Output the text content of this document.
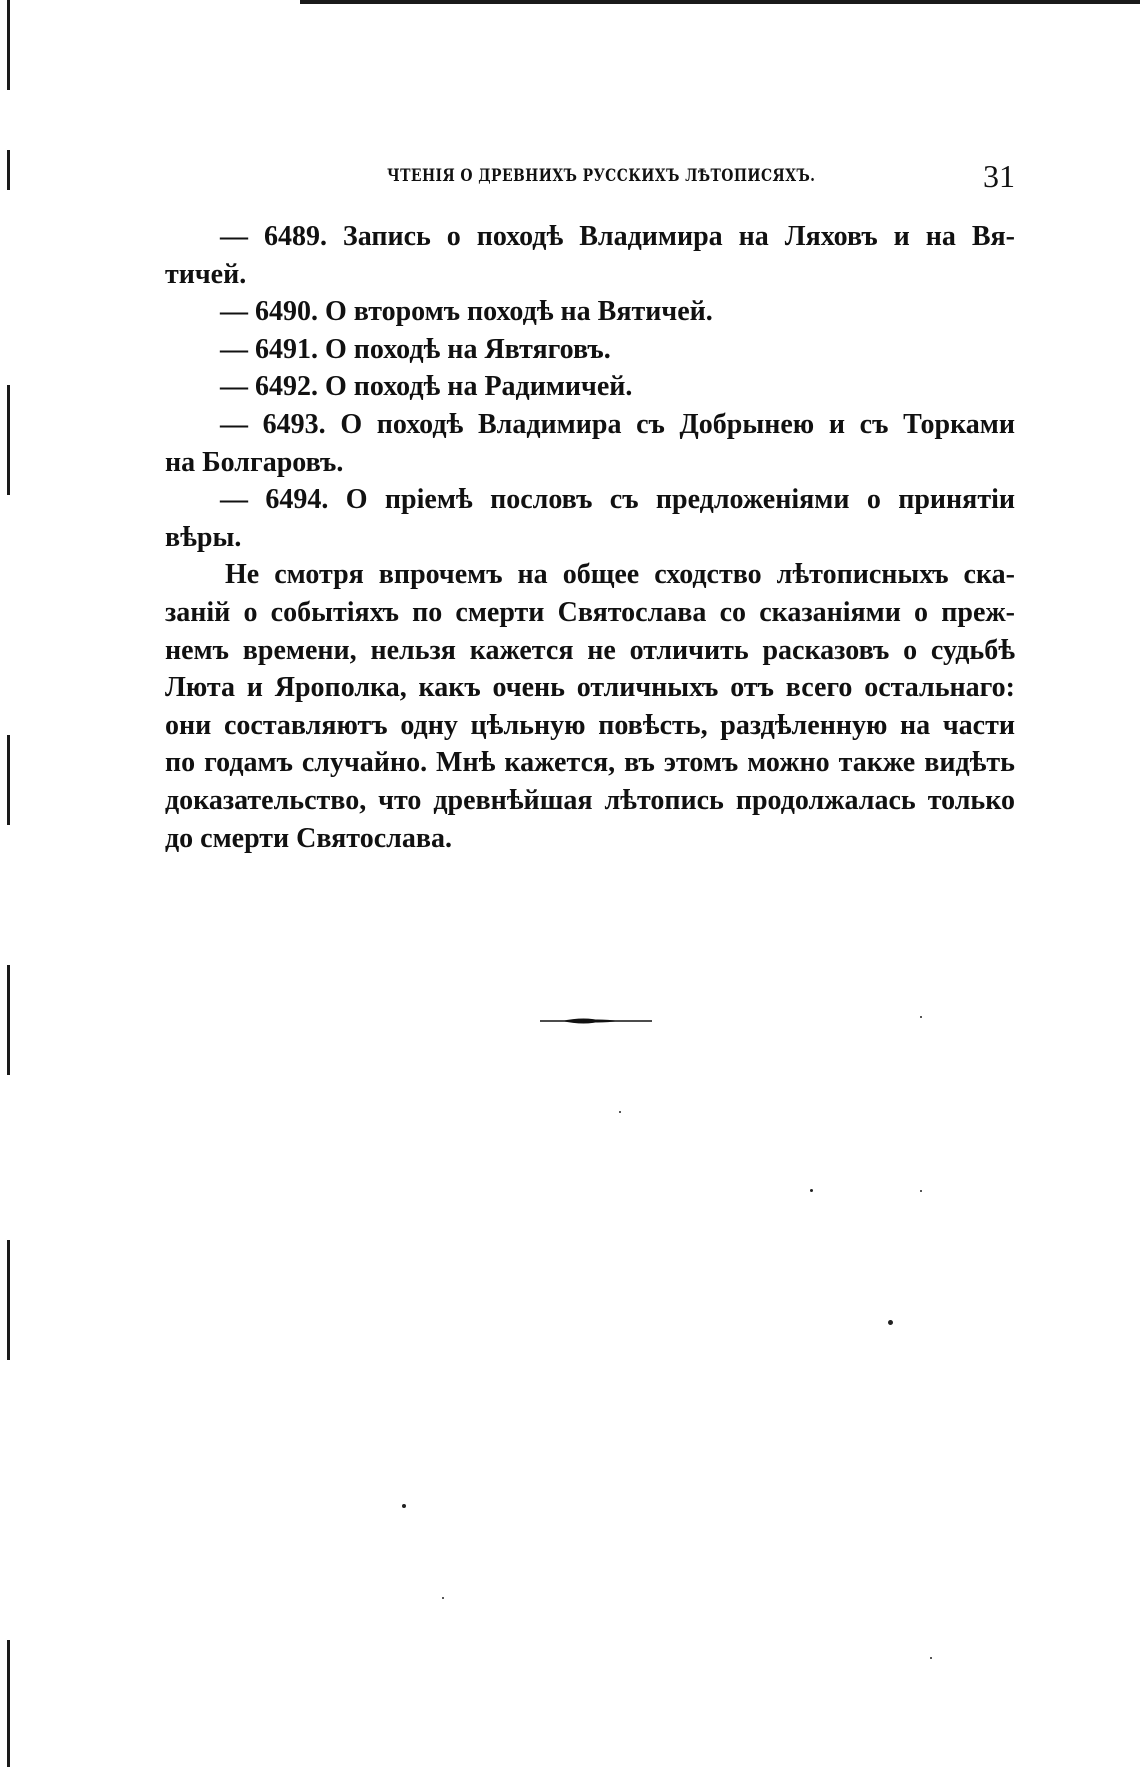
ЧТЕНІЯ О ДРЕВНИХЪ РУССКИХЪ ЛѢТОПИСЯХЪ.	31
— 6489. Запись о походѣ Владимира на Ляховъ и на Вя-
тичей.
— 6490. О второмъ походѣ на Вятичей.
— 6491. О походѣ на Явтяговъ.
— 6492. О походѣ на Радимичей.
— 6493. О походѣ Владимира съ Добрынею и съ Торками
на Болгаровъ.
— 6494. О пріемѣ пословъ съ предложеніями о принятіи
вѣры.
Не смотря впрочемъ на общее сходство лѣтописныхъ ска-
заній о событіяхъ по смерти Святослава со сказаніями о преж-
немъ времени, нельзя кажется не отличить расказовъ о судьбѣ
Люта и Ярополка, какъ очень отличныхъ отъ всего остальнаго:
они составляютъ одну цѣльную повѣсть, раздѣленную на части
по годамъ случайно. Мнѣ кажется, въ этомъ можно также видѣть
доказательство, что древнѣйшая лѣтопись продолжалась только
до смерти Святослава.
